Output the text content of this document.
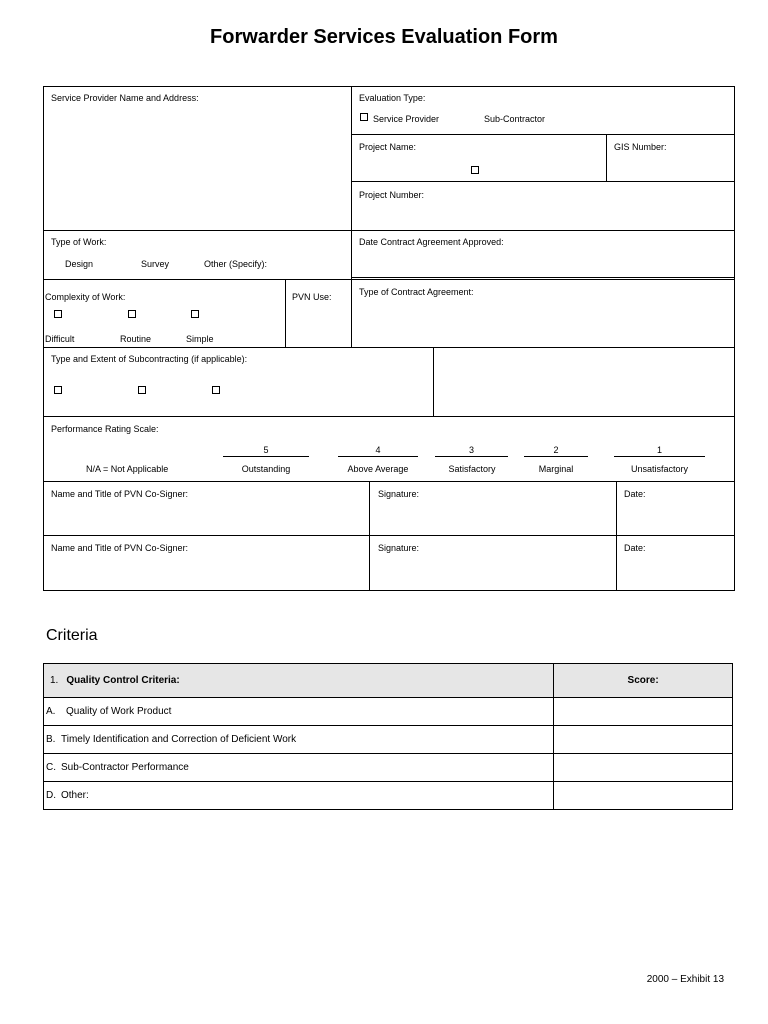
Forwarder Services Evaluation Form
Service Provider Name and Address:	Evaluation Type:
Service Provider	Sub-Contractor
Project Name:	GIS Number:
Project Number:
Type of Work:
Design	Survey	Other (Specify):
Date Contract Agreement Approved:
Complexity of Work:
Difficult	Routine	Simple
PVN Use:	Type of Contract Agreement:
Type and Extent of Subcontracting (if applicable):
Performance Rating Scale:
N/A = Not Applicable
5
Outstanding
4
Above Average
3
Satisfactory
2
Marginal
1
Unsatisfactory
Name and Title of PVN Co-Signer:	Signature:	Date:
Name and Title of PVN Co-Signer:	Signature:	Date:
Criteria
1. Quality Control Criteria:	Score:
A. Quality of Work Product	
B. Timely Identification and Correction of Deficient Work	
C. Sub-Contractor Performance	
D. Other:	
2000 – Exhibit 13
